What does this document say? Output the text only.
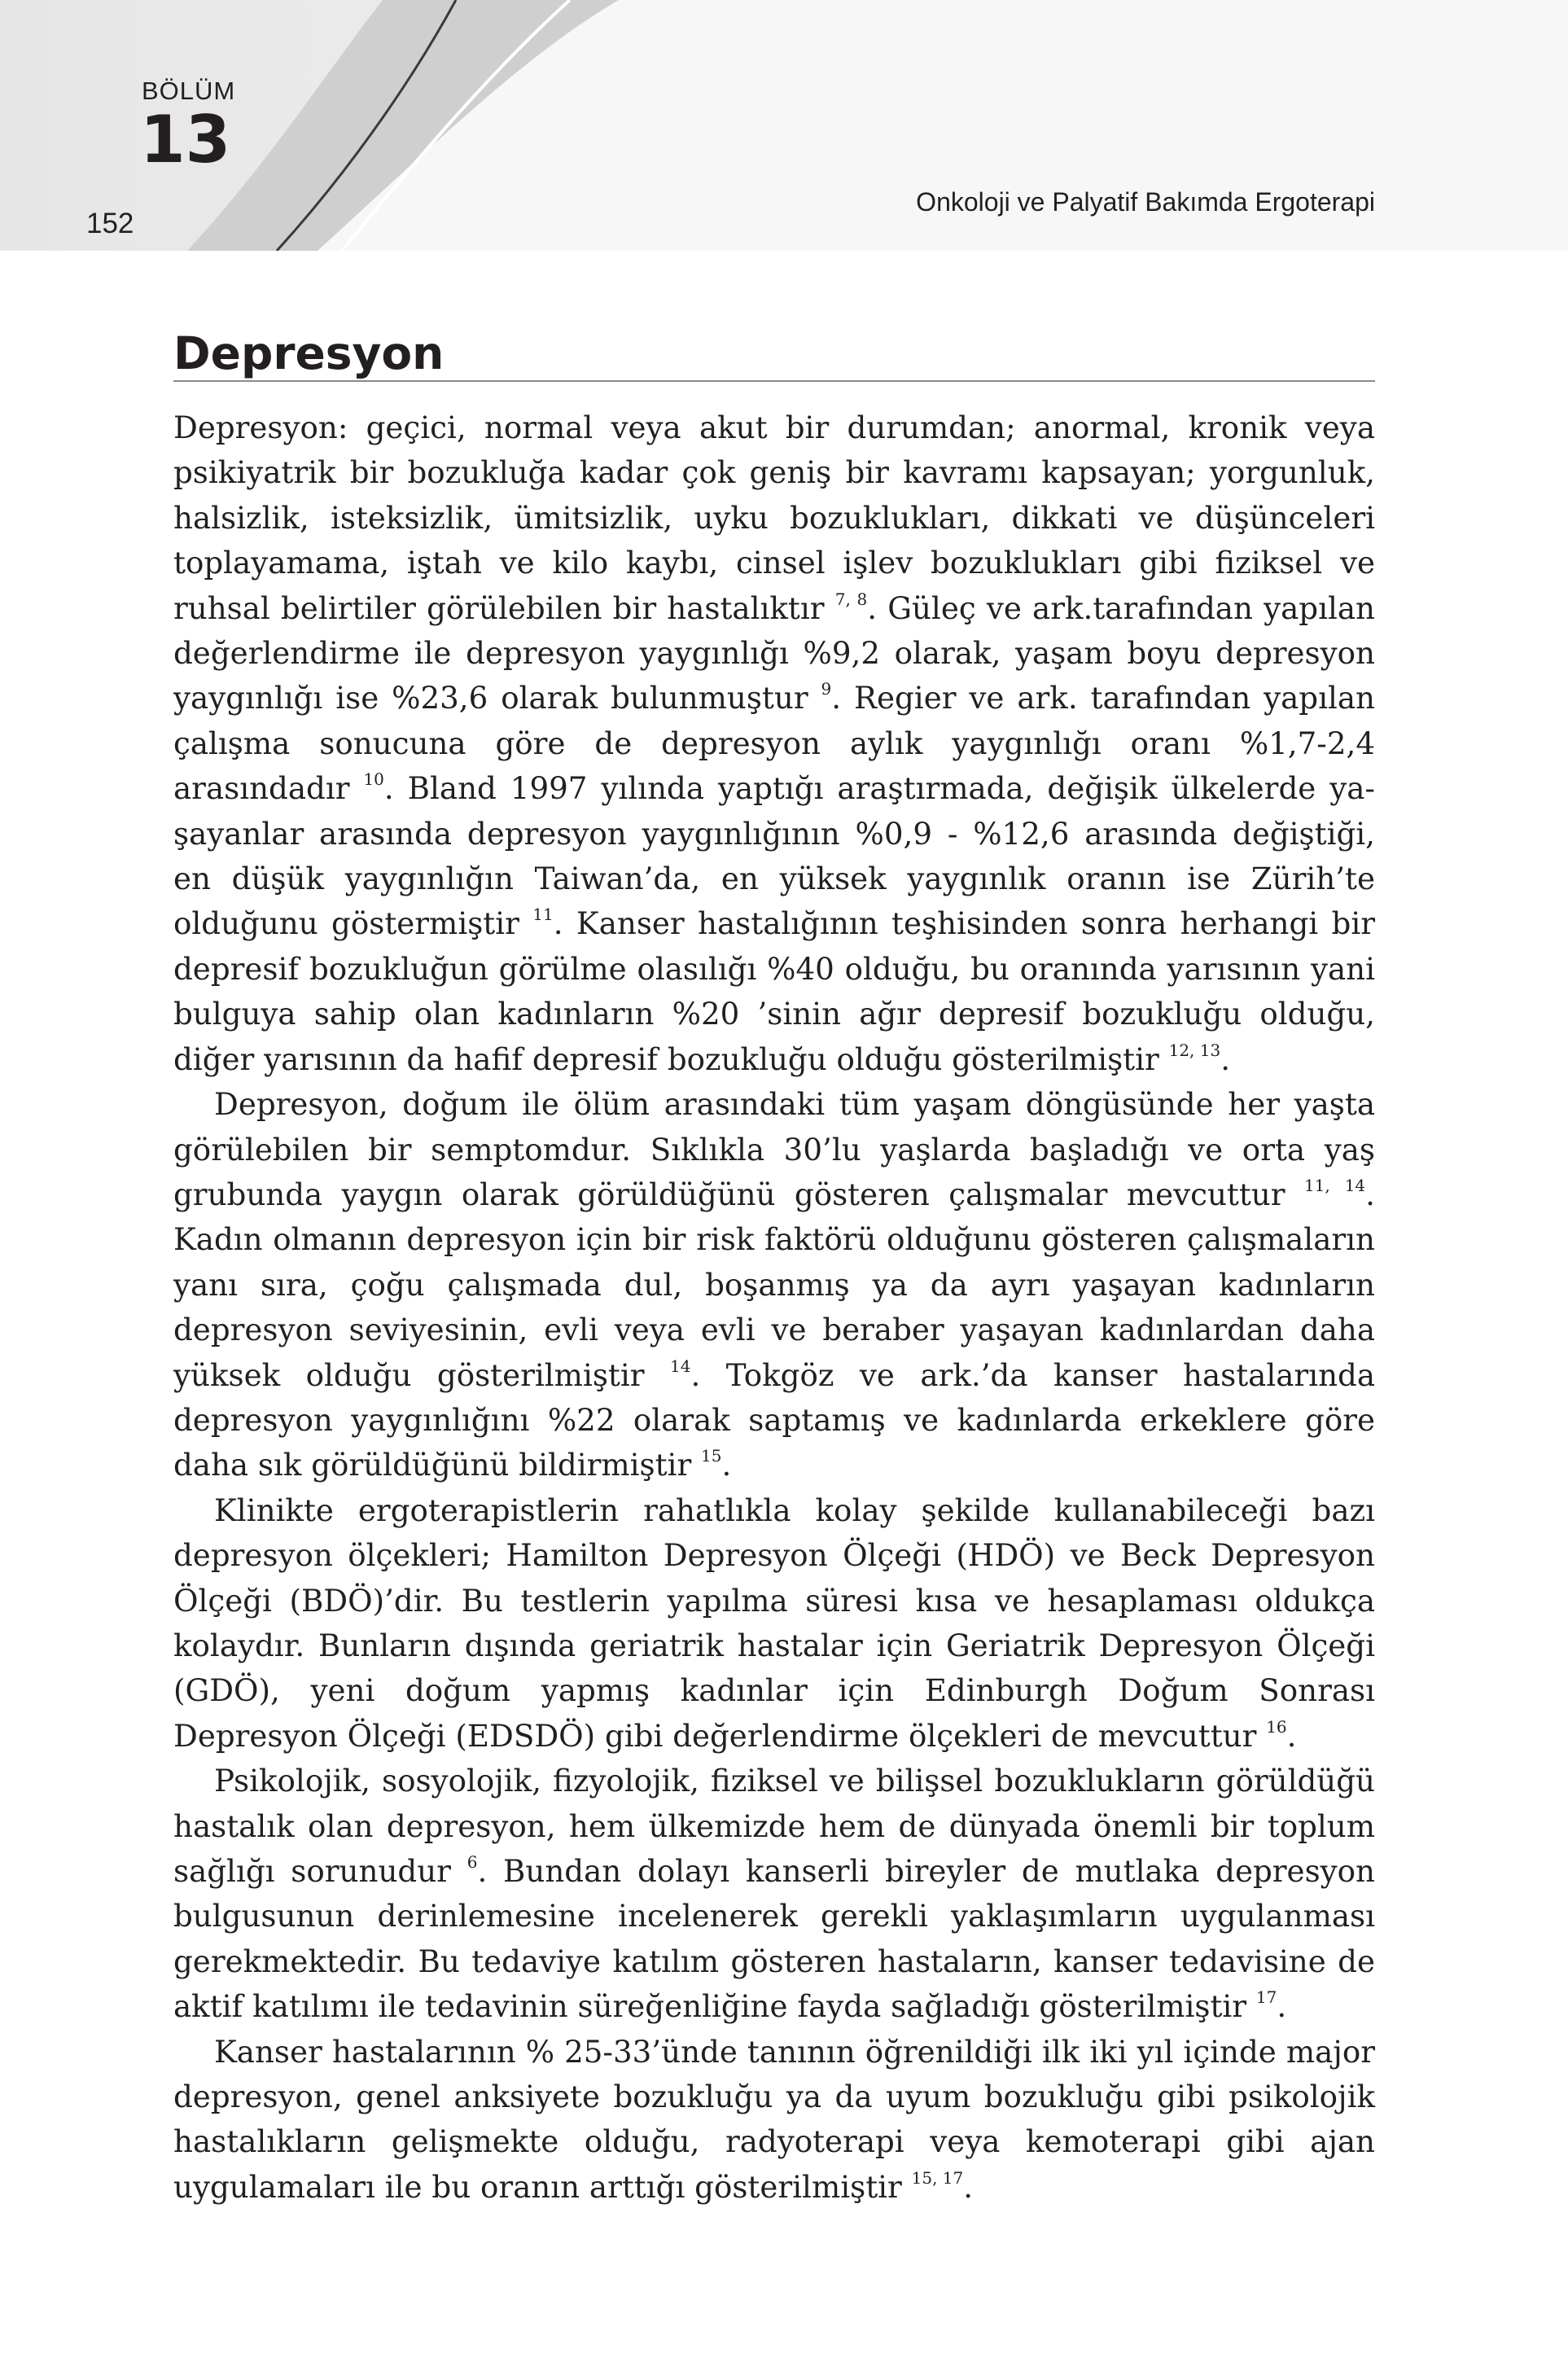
BÖLÜM
13
152
Onkoloji ve Palyatif Bakımda Ergoterapi
Depresyon

Depresyon: geçici, normal veya akut bir durumdan; anormal, kronik veya psikiyatrik bir bozukluğa kadar çok geniş bir kavramı kapsayan; yorgunluk, halsizlik, isteksizlik, ümitsizlik, uyku bozuklukları, dikkati ve düşünceleri toplayamama, iştah ve kilo kaybı, cinsel işlev bozuklukları gibi fiziksel ve ruhsal belirtiler görülebilen bir hastalıktır $^{7, 8}$. Güleç ve ark.tarafından yapılan değerlendirme ile depresyon yaygınlığı %9,2 olarak, yaşam boyu depresyon yaygınlığı ise %23,6 olarak bulunmuştur $^9$. Regier ve ark. tarafından yapılan çalışma sonucuna göre de depresyon aylık yaygınlığı oranı %1,7-2,4 arasındadır $^{10}$. Bland 1997 yılında yaptığı araştırmada, değişik ülkelerde yaşayanlar arasında depresyon yaygınlığının %0,9 - %12,6 arasında değiştiği, en düşük yaygınlığın Taiwan’da, en yüksek yaygınlık oranın ise Zürih’te olduğunu göstermiştir $^{11}$. Kanser hastalığının teşhisinden sonra herhangi bir depresif bozukluğun görülme olasılığı %40 olduğu, bu oranında yarısının yani bulguya sahip olan kadınların %20 ’sinin ağır depresif bozukluğu olduğu, diğer yarısının da hafif depresif bozukluğu olduğu gösterilmiştir $^{12, 13}$.

Depresyon, doğum ile ölüm arasındaki tüm yaşam döngüsünde her yaşta görülebilen bir semptomdur. Sıklıkla 30’lu yaşlarda başladığı ve orta yaş grubunda yaygın olarak görüldüğünü gösteren çalışmalar mevcuttur $^{11, 14}$. Kadın olmanın depresyon için bir risk faktörü olduğunu gösteren çalışmaların yanı sıra, çoğu çalışmada dul, boşanmış ya da ayrı yaşayan kadınların depresyon seviyesinin, evli veya evli ve beraber yaşayan kadınlardan daha yüksek olduğu gösterilmiştir $^{14}$. Tokgöz ve ark.’da kanser hastalarında depresyon yaygınlığını %22 olarak saptamış ve kadınlarda erkeklere göre daha sık görüldüğünü bildirmiştir $^{15}$.

Klinikte ergoterapistlerin rahatlıkla kolay şekilde kullanabileceği bazı depresyon ölçekleri; Hamilton Depresyon Ölçeği (HDÖ) ve Beck Depresyon Ölçeği (BDÖ)’dir. Bu testlerin yapılma süresi kısa ve hesaplaması oldukça kolaydır. Bunların dışında geriatrik hastalar için Geriatrik Depresyon Ölçeği (GDÖ), yeni doğum yapmış kadınlar için Edinburgh Doğum Sonrası Depresyon Ölçeği (EDSDÖ) gibi değerlendirme ölçekleri de mevcuttur $^{16}$.

Psikolojik, sosyolojik, fizyolojik, fiziksel ve bilişsel bozuklukların görüldüğü hastalık olan depresyon, hem ülkemizde hem de dünyada önemli bir toplum sağlığı sorunudur $^6$. Bundan dolayı kanserli bireyler de mutlaka depresyon bulgusunun derinlemesine incelenerek gerekli yaklaşımların uygulanması gerekmektedir. Bu tedaviye katılım gösteren hastaların, kanser tedavisine de aktif katılımı ile tedavinin süreğenliğine fayda sağladığı gösterilmiştir $^{17}$.

Kanser hastalarının % 25-33’ünde tanının öğrenildiği ilk iki yıl içinde major depresyon, genel anksiyete bozukluğu ya da uyum bozukluğu gibi psikolojik hastalıkların gelişmekte olduğu, radyoterapi veya kemoterapi gibi ajan uygulamaları ile bu oranın arttığı gösterilmiştir $^{15, 17}$.
